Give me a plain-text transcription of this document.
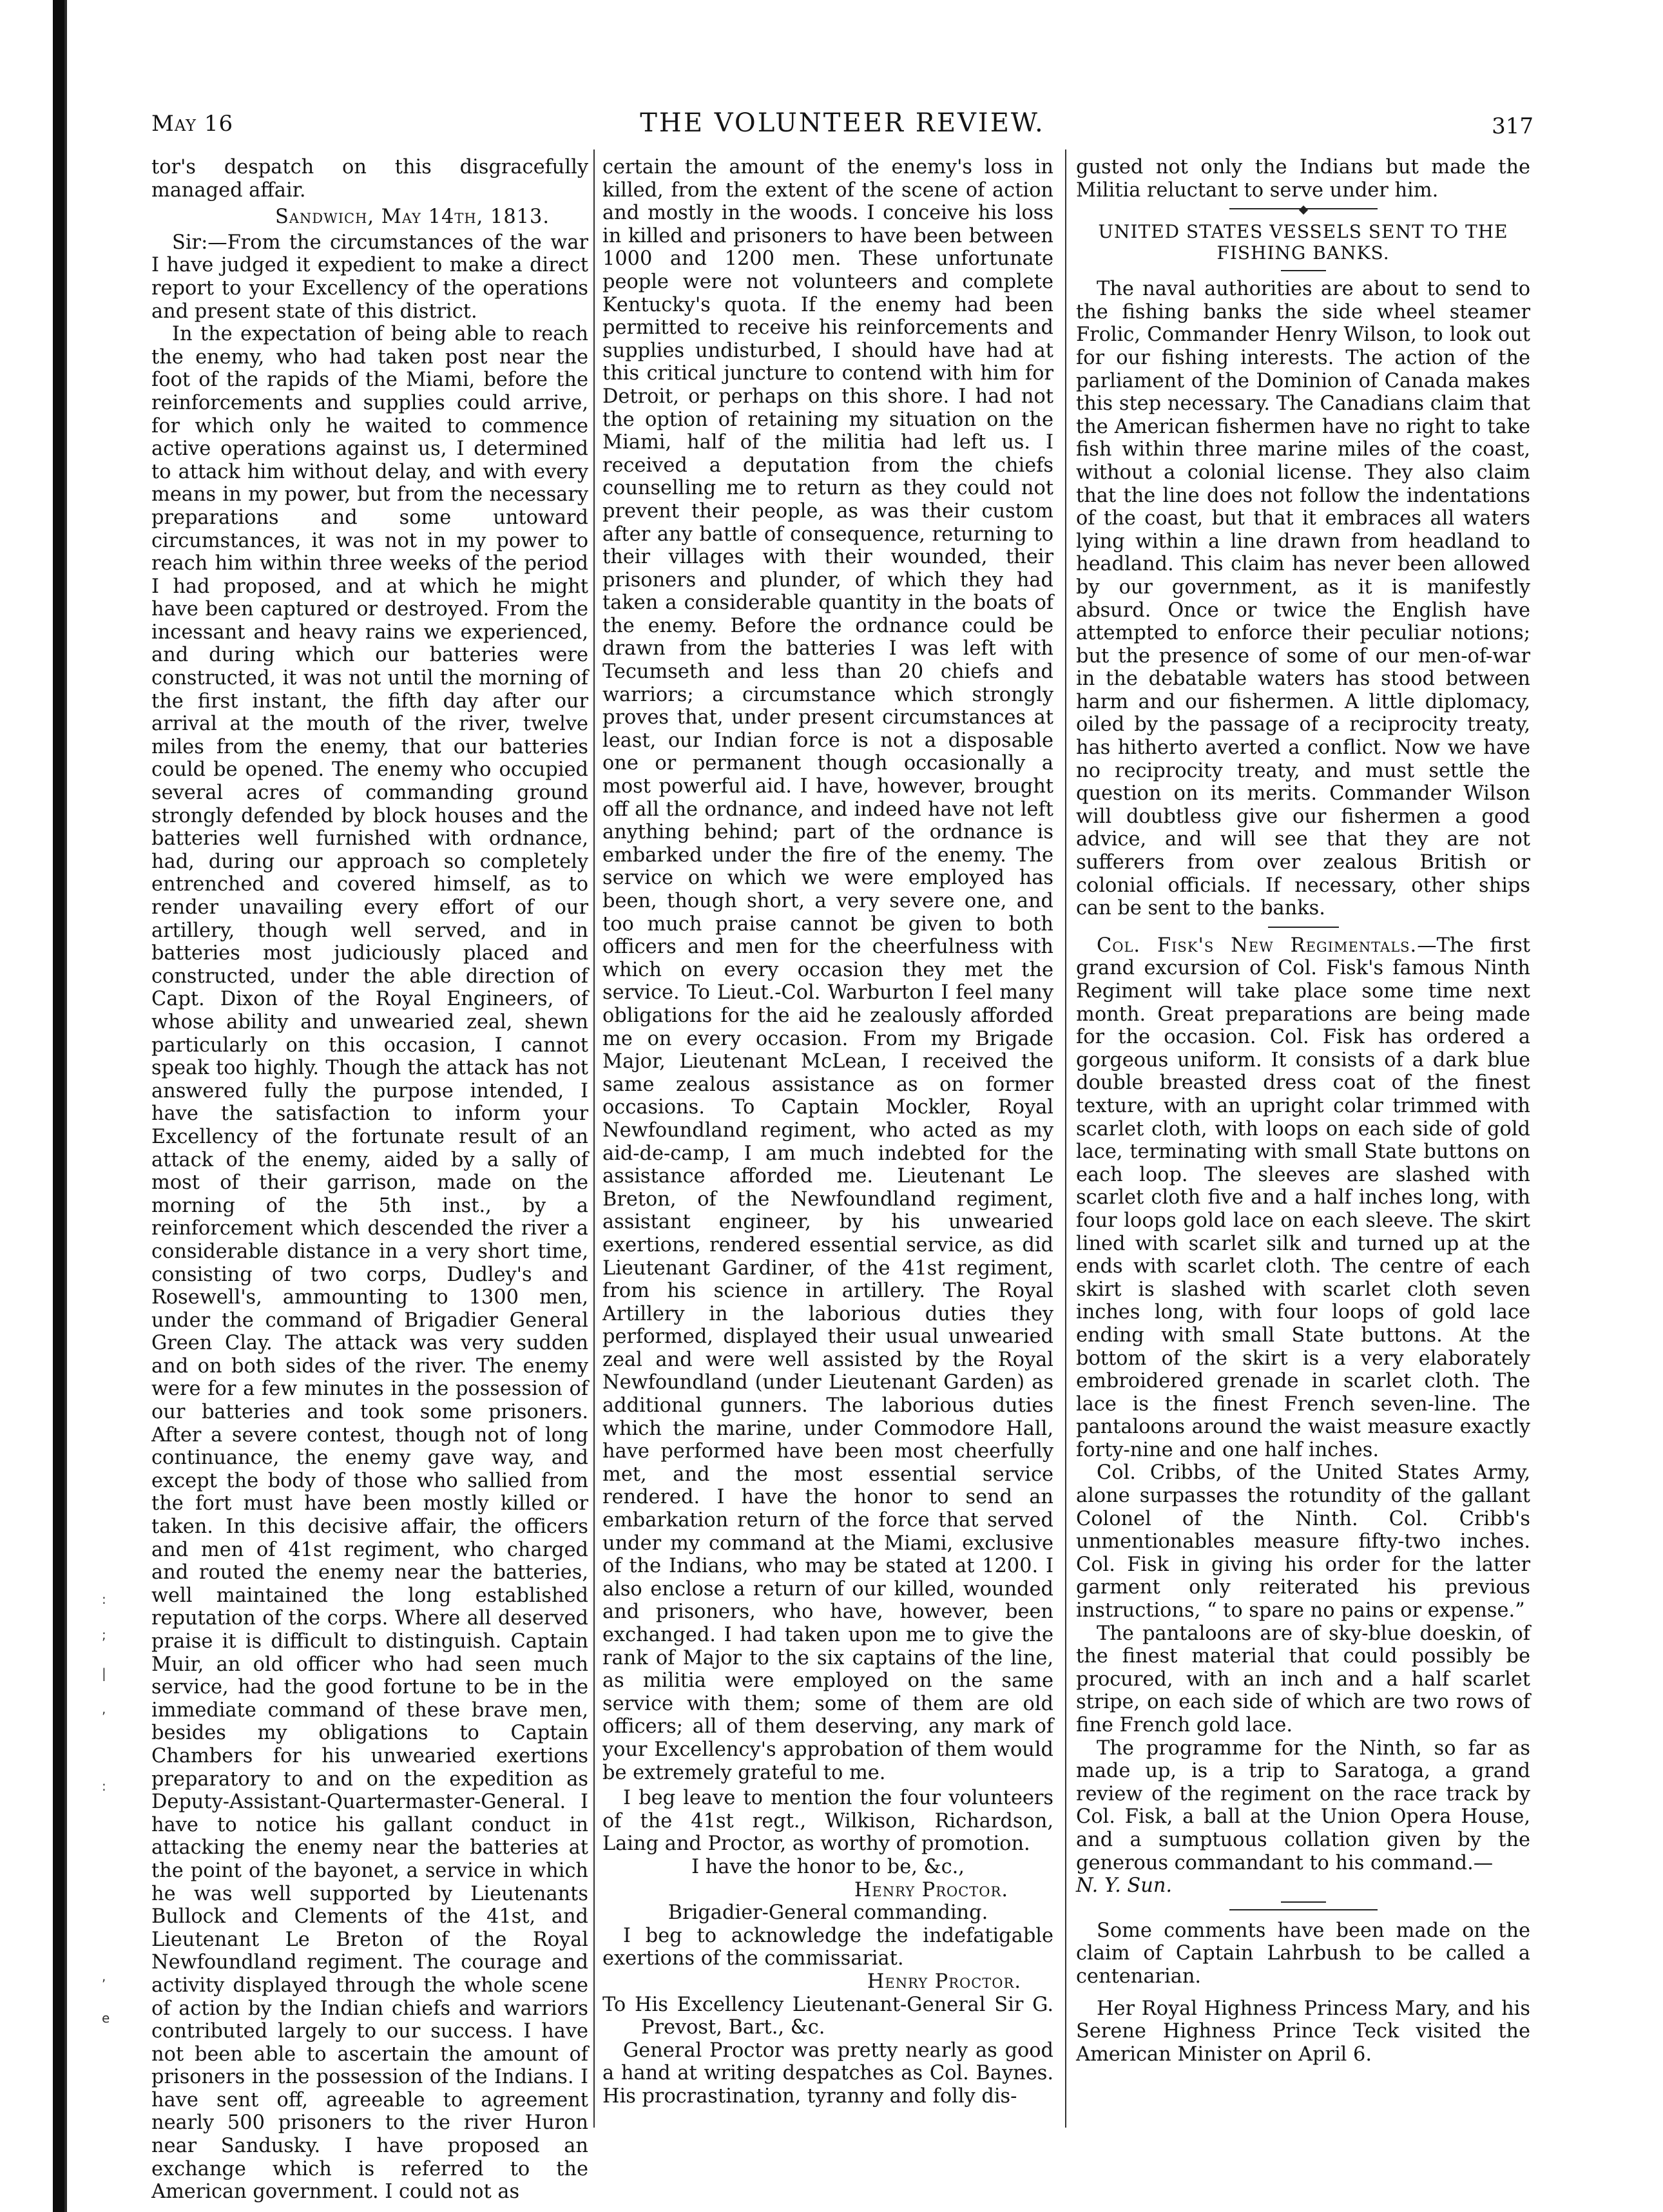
:
;
|
,
:
,
e
May 16	THE VOLUNTEER REVIEW.	317

tor's despatch on this disgracefully managed affair.

Sandwich, May 14th, 1813.

Sir:—From the circumstances of the war I have judged it expedient to make a direct report to your Excellency of the operations and present state of this district.

In the expectation of being able to reach the enemy, who had taken post near the foot of the rapids of the Miami, before the reinforcements and supplies could arrive, for which only he waited to commence active operations against us, I determined to attack him without delay, and with every means in my power, but from the necessary preparations and some untoward circumstances, it was not in my power to reach him within three weeks of the period I had proposed, and at which he might have been captured or destroyed. From the incessant and heavy rains we experienced, and during which our batteries were constructed, it was not until the morning of the first instant, the fifth day after our arrival at the mouth of the river, twelve miles from the enemy, that our batteries could be opened. The enemy who occupied several acres of commanding ground strongly defended by block houses and the batteries well furnished with ordnance, had, during our approach so completely entrenched and covered himself, as to render unavailing every effort of our artillery, though well served, and in batteries most judiciously placed and constructed, under the able direction of Capt. Dixon of the Royal Engineers, of whose ability and unwearied zeal, shewn particularly on this occasion, I cannot speak too highly. Though the attack has not answered fully the purpose intended, I have the satisfaction to inform your Excellency of the fortunate result of an attack of the enemy, aided by a sally of most of their garrison, made on the morning of the 5th inst., by a reinforcement which descended the river a considerable distance in a very short time, consisting of two corps, Dudley's and Rosewell's, ammounting to 1300 men, under the command of Brigadier General Green Clay. The attack was very sudden and on both sides of the river. The enemy were for a few minutes in the possession of our batteries and took some prisoners. After a severe contest, though not of long continuance, the enemy gave way, and except the body of those who sallied from the fort must have been mostly killed or taken. In this decisive affair, the officers and men of 41st regiment, who charged and routed the enemy near the batteries, well maintained the long established reputation of the corps. Where all deserved praise it is difficult to distinguish. Captain Muir, an old officer who had seen much service, had the good fortune to be in the immediate command of these brave men, besides my obligations to Captain Chambers for his unwearied exertions preparatory to and on the expedition as Deputy-Assistant-Quartermaster-General. I have to notice his gallant conduct in attacking the enemy near the batteries at the point of the bayonet, a service in which he was well supported by Lieutenants Bullock and Clements of the 41st, and Lieutenant Le Breton of the Royal Newfoundland regiment. The courage and activity displayed through the whole scene of action by the Indian chiefs and warriors contributed largely to our success. I have not been able to ascertain the amount of prisoners in the possession of the Indians. I have sent off, agreeable to agreement nearly 500 prisoners to the river Huron near Sandusky. I have proposed an exchange which is referred to the American government. I could not as

certain the amount of the enemy's loss in killed, from the extent of the scene of action and mostly in the woods. I conceive his loss in killed and prisoners to have been between 1000 and 1200 men. These unfortunate people were not volunteers and complete Kentucky's quota. If the enemy had been permitted to receive his reinforcements and supplies undisturbed, I should have had at this critical juncture to contend with him for Detroit, or perhaps on this shore. I had not the option of retaining my situation on the Miami, half of the militia had left us. I received a deputation from the chiefs counselling me to return as they could not prevent their people, as was their custom after any battle of consequence, returning to their villages with their wounded, their prisoners and plunder, of which they had taken a considerable quantity in the boats of the enemy. Before the ordnance could be drawn from the batteries I was left with Tecumseth and less than 20 chiefs and warriors; a circumstance which strongly proves that, under present circumstances at least, our Indian force is not a disposable one or permanent though occasionally a most powerful aid. I have, however, brought off all the ordnance, and indeed have not left anything behind; part of the ordnance is embarked under the fire of the enemy. The service on which we were employed has been, though short, a very severe one, and too much praise cannot be given to both officers and men for the cheerfulness with which on every occasion they met the service. To Lieut.-Col. Warburton I feel many obligations for the aid he zealously afforded me on every occasion. From my Brigade Major, Lieutenant McLean, I received the same zealous assistance as on former occasions. To Captain Mockler, Royal Newfoundland regiment, who acted as my aid-de-camp, I am much indebted for the assistance afforded me. Lieutenant Le Breton, of the Newfoundland regiment, assistant engineer, by his unwearied exertions, rendered essential service, as did Lieutenant Gardiner, of the 41st regiment, from his science in artillery. The Royal Artillery in the laborious duties they performed, displayed their usual unwearied zeal and were well assisted by the Royal Newfoundland (under Lieutenant Garden) as additional gunners. The laborious duties which the marine, under Commodore Hall, have performed have been most cheerfully met, and the most essential service rendered. I have the honor to send an embarkation return of the force that served under my command at the Miami, exclusive of the Indians, who may be stated at 1200. I also enclose a return of our killed, wounded and prisoners, who have, however, been exchanged. I had taken upon me to give the rank of Major to the six captains of the line, as militia were employed on the same service with them; some of them are old officers; all of them deserving, any mark of your Excellency's approbation of them would be extremely grateful to me.

I beg leave to mention the four volunteers of the 41st regt., Wilkison, Richardson, Laing and Proctor, as worthy of promotion.

I have the honor to be, &c.,

Henry Proctor.

Brigadier-General commanding.

I beg to acknowledge the indefatigable exertions of the commissariat.

Henry Proctor.

To His Excellency Lieutenant-General Sir G. Prevost, Bart., &c.

General Proctor was pretty nearly as good a hand at writing despatches as Col. Baynes. His procrastination, tyranny and folly dis-

gusted not only the Indians but made the Militia reluctant to serve under him.

UNITED STATES VESSELS SENT TO THE FISHING BANKS.

The naval authorities are about to send to the fishing banks the side wheel steamer Frolic, Commander Henry Wilson, to look out for our fishing interests. The action of the parliament of the Dominion of Canada makes this step necessary. The Canadians claim that the American fishermen have no right to take fish within three marine miles of the coast, without a colonial license. They also claim that the line does not follow the indentations of the coast, but that it embraces all waters lying within a line drawn from headland to headland. This claim has never been allowed by our government, as it is manifestly absurd. Once or twice the English have attempted to enforce their peculiar notions; but the presence of some of our men-of-war in the debatable waters has stood between harm and our fishermen. A little diplomacy, oiled by the passage of a reciprocity treaty, has hitherto averted a conflict. Now we have no reciprocity treaty, and must settle the question on its merits. Commander Wilson will doubtless give our fishermen a good advice, and will see that they are not sufferers from over zealous British or colonial officials. If necessary, other ships can be sent to the banks.

Col. Fisk's New Regimentals.—The first grand excursion of Col. Fisk's famous Ninth Regiment will take place some time next month. Great preparations are being made for the occasion. Col. Fisk has ordered a gorgeous uniform. It consists of a dark blue double breasted dress coat of the finest texture, with an upright colar trimmed with scarlet cloth, with loops on each side of gold lace, terminating with small State buttons on each loop. The sleeves are slashed with scarlet cloth five and a half inches long, with four loops gold lace on each sleeve. The skirt lined with scarlet silk and turned up at the ends with scarlet cloth. The centre of each skirt is slashed with scarlet cloth seven inches long, with four loops of gold lace ending with small State buttons. At the bottom of the skirt is a very elaborately embroidered grenade in scarlet cloth. The lace is the finest French seven-line. The pantaloons around the waist measure exactly forty-nine and one half inches.

Col. Cribbs, of the United States Army, alone surpasses the rotundity of the gallant Colonel of the Ninth. Col. Cribb's unmentionables measure fifty-two inches. Col. Fisk in giving his order for the latter garment only reiterated his previous instructions, “ to spare no pains or expense.”

The pantaloons are of sky-blue doeskin, of the finest material that could possibly be procured, with an inch and a half scarlet stripe, on each side of which are two rows of fine French gold lace.

The programme for the Ninth, so far as made up, is a trip to Saratoga, a grand review of the regiment on the race track by Col. Fisk, a ball at the Union Opera House, and a sumptuous collation given by the generous commandant to his command.—

N. Y. Sun.

Some comments have been made on the claim of Captain Lahrbush to be called a centenarian.

Her Royal Highness Princess Mary, and his Serene Highness Prince Teck visited the American Minister on April 6.
